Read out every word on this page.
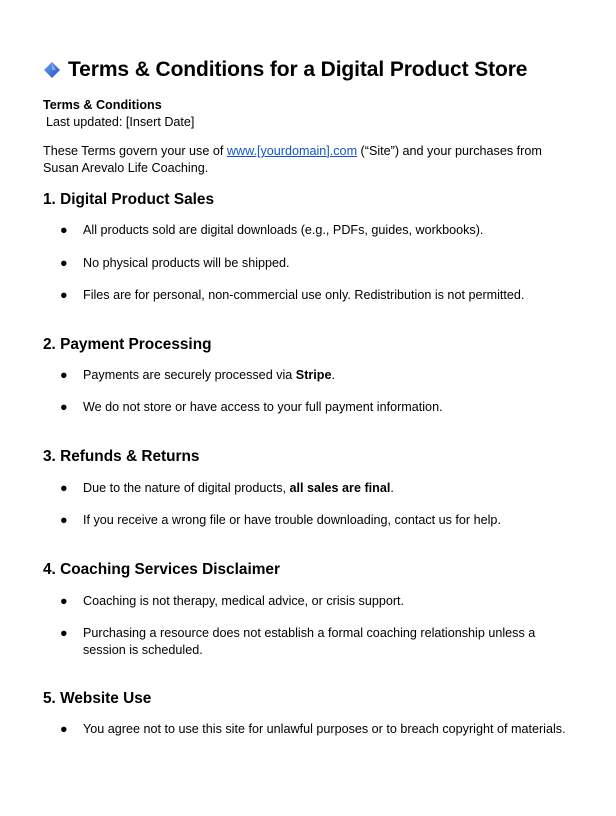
Terms & Conditions for a Digital Product Store
Terms & Conditions
Last updated: [Insert Date]
These Terms govern your use of www.[yourdomain].com (“Site”) and your purchases from Susan Arevalo Life Coaching.
1. Digital Product Sales
●	All products sold are digital downloads (e.g., PDFs, guides, workbooks).
●	No physical products will be shipped.
●	Files are for personal, non-commercial use only. Redistribution is not permitted.
2. Payment Processing
●	Payments are securely processed via Stripe.
●	We do not store or have access to your full payment information.
3. Refunds & Returns
●	Due to the nature of digital products, all sales are final.
●	If you receive a wrong file or have trouble downloading, contact us for help.
4. Coaching Services Disclaimer
●	Coaching is not therapy, medical advice, or crisis support.
●	Purchasing a resource does not establish a formal coaching relationship unless a session is scheduled.
5. Website Use
●	You agree not to use this site for unlawful purposes or to breach copyright of materials.
